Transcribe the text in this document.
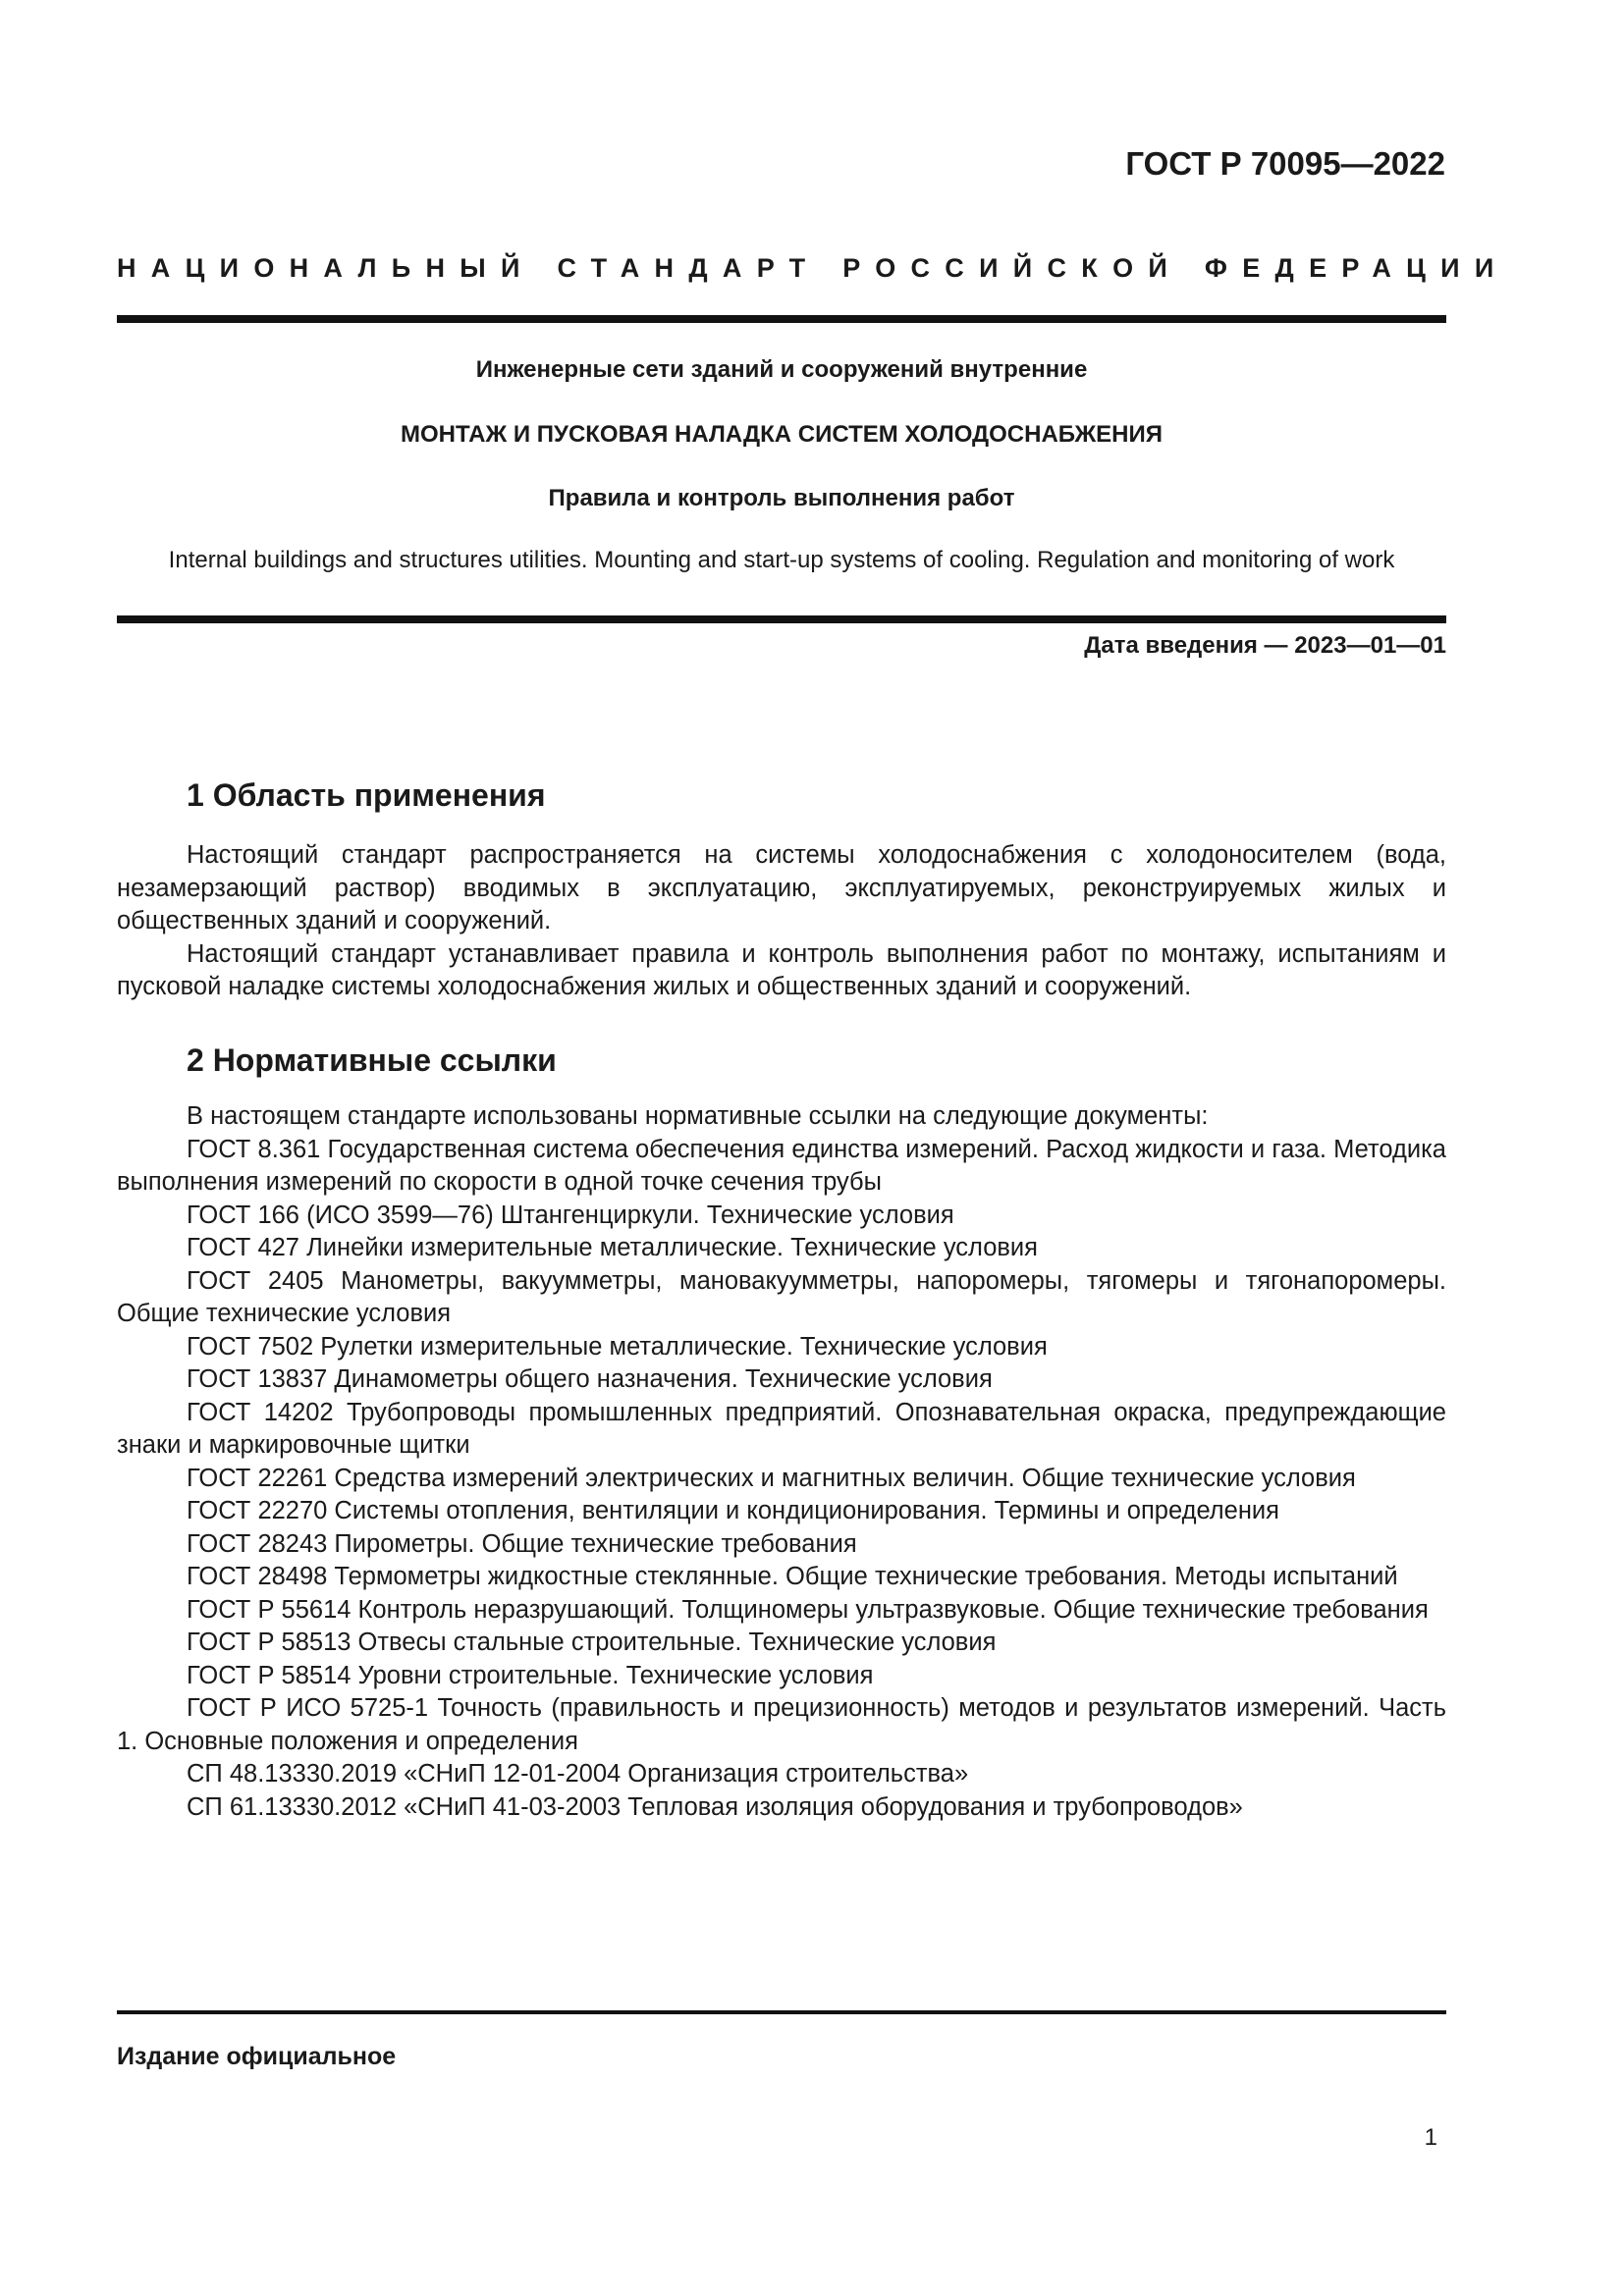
ГОСТ Р 70095—2022

НАЦИОНАЛЬНЫЙ СТАНДАРТ РОССИЙСКОЙ ФЕДЕРАЦИИ

Инженерные сети зданий и сооружений внутренние

МОНТАЖ И ПУСКОВАЯ НАЛАДКА СИСТЕМ ХОЛОДОСНАБЖЕНИЯ

Правила и контроль выполнения работ

Internal buildings and structures utilities. Mounting and start-up systems of cooling. Regulation and monitoring of work

Дата введения — 2023—01—01

1 Область применения

Настоящий стандарт распространяется на системы холодоснабжения с холодоносителем (вода, незамерзающий раствор) вводимых в эксплуатацию, эксплуатируемых, реконструируемых жилых и общественных зданий и сооружений.

Настоящий стандарт устанавливает правила и контроль выполнения работ по монтажу, испытаниям и пусковой наладке системы холодоснабжения жилых и общественных зданий и сооружений.

2 Нормативные ссылки

В настоящем стандарте использованы нормативные ссылки на следующие документы:

ГОСТ 8.361 Государственная система обеспечения единства измерений. Расход жидкости и газа. Методика выполнения измерений по скорости в одной точке сечения трубы

ГОСТ 166 (ИСО 3599—76) Штангенциркули. Технические условия

ГОСТ 427 Линейки измерительные металлические. Технические условия

ГОСТ 2405 Манометры, вакуумметры, мановакуумметры, напоромеры, тягомеры и тягонапоромеры. Общие технические условия

ГОСТ 7502 Рулетки измерительные металлические. Технические условия

ГОСТ 13837 Динамометры общего назначения. Технические условия

ГОСТ 14202 Трубопроводы промышленных предприятий. Опознавательная окраска, предупреждающие знаки и маркировочные щитки

ГОСТ 22261 Средства измерений электрических и магнитных величин. Общие технические условия

ГОСТ 22270 Системы отопления, вентиляции и кондиционирования. Термины и определения

ГОСТ 28243 Пирометры. Общие технические требования

ГОСТ 28498 Термометры жидкостные стеклянные. Общие технические требования. Методы испытаний

ГОСТ Р 55614 Контроль неразрушающий. Толщиномеры ультразвуковые. Общие технические требования

ГОСТ Р 58513 Отвесы стальные строительные. Технические условия

ГОСТ Р 58514 Уровни строительные. Технические условия

ГОСТ Р ИСО 5725-1 Точность (правильность и прецизионность) методов и результатов измерений. Часть 1. Основные положения и определения

СП 48.13330.2019 «СНиП 12-01-2004 Организация строительства»

СП 61.13330.2012 «СНиП 41-03-2003 Тепловая изоляция оборудования и трубопроводов»

Издание официальное

1
